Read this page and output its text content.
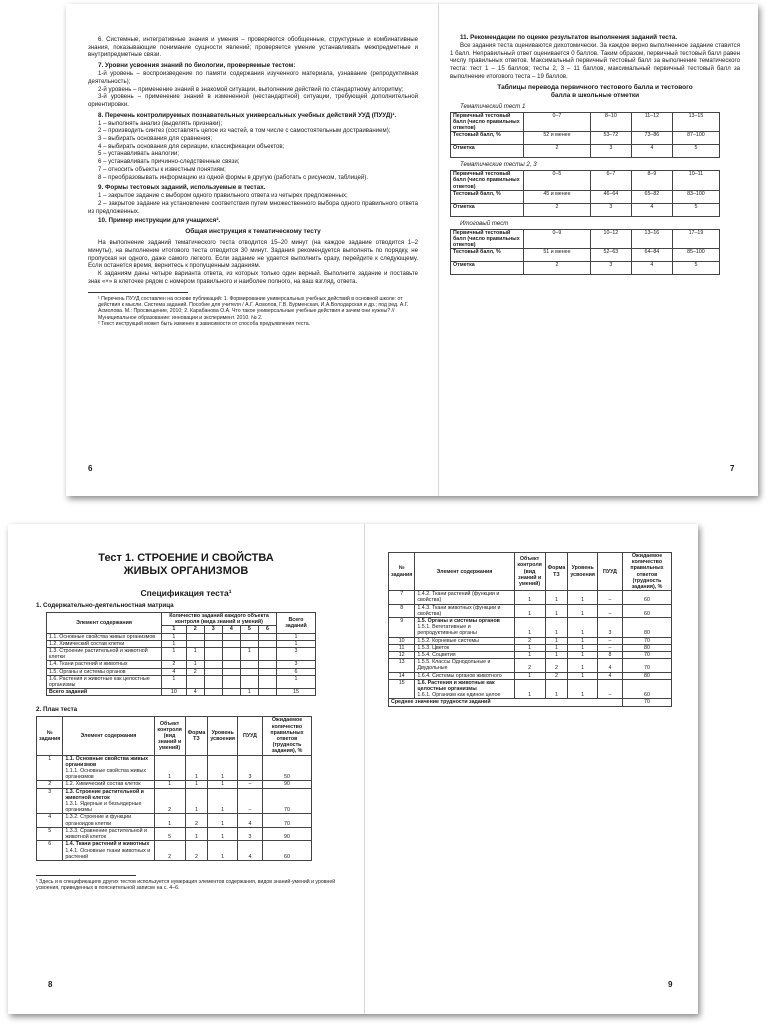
6. Системные, интегративные знания и умения – проверяются обобщенные, структурные и комбинативные знания, показывающие понимание сущности явлений; проверяется умение устанавливать межпредметные и внутрипредметные связи.

7. Уровни усвоения знаний по биологии, проверяемые тестом:

1-й уровень – воспроизведение по памяти содержания изученного материала, узнавание (репродуктивная деятельность);

2-й уровень – применение знаний в знакомой ситуации, выполнение действий по стандартному алгоритму;

3-й уровень – применение знаний в измененной (нестандартной) ситуации, требующей дополнительной ориентировки.

8. Перечень контролируемых познавательных универсальных учебных действий УУД (ПУУД)¹.

1 – выполнять анализ (выделять признаки);

2 – производить синтез (составлять целое из частей, в том числе с самостоятельным достраиванием);

3 – выбирать основания для сравнения;

4 – выбирать основания для сериации, классификации объектов;

5 – устанавливать аналогии;

6 – устанавливать причинно-следственные связи;

7 – относить объекты к известным понятиям;

8 – преобразовывать информацию из одной формы в другую (работать с рисунком, таблицей).

9. Формы тестовых заданий, используемые в тестах.

1 – закрытое задание с выбором одного правильного ответа из четырех предложенных;

2 – закрытое задание на установление соответствия путем множественного выбора одного правильного ответа из предложенных.

10. Пример инструкции для учащихся².

Общая инструкция к тематическому тесту

На выполнение заданий тематического теста отводится 15–20 минут (на каждое задание отводится 1–2 минуты), на выполнение итогового теста отводится 30 минут. Задания рекомендуется выполнять по порядку, не пропуская ни одного, даже самого легкого. Если задание не удается выполнить сразу, перейдите к следующему. Если останется время, вернитесь к пропущенным заданиям.

К заданиям даны четыре варианта ответа, из которых только один верный. Выполните задание и поставьте знак «×» в клеточке рядом с номером правильного и наиболее полного, на ваш взгляд, ответа.

¹ Перечень ПУУД составлен на основе публикаций: 1. Формирование универсальных учебных действий в основной школе: от действия к мысли. Система заданий. Пособие для учителя / А.Г. Асмолов, Г.В. Бурменская, И.А.Володарская и др.; под ред. А.Г. Асмолова. М.: Просвещение, 2010; 2. Карабанова О.А. Что такое универсальные учебные действия и зачем они нужны? // Муниципальное образование: инновации и эксперимент. 2010. № 2.

² Текст инструкций может быть изменен в зависимости от способа предъявления теста.

6

11. Рекомендации по оценке результатов выполнения заданий теста.

Все задания теста оцениваются дихотомически. За каждое верно выполненное задание ставится 1 балл. Неправильный ответ оценивается 0 баллов. Таким образом, первичный тестовый балл равен числу правильных ответов. Максимальный первичный тестовый балл за выполнение тематического теста: тест 1 – 15 баллов; тесты 2, 3 – 11 баллов, максимальный первичный тестовый балл за выполнение итогового теста – 19 баллов.

Таблицы перевода первичного тестового балла и тестового балла в школьные отметки

Тематический тест 1

Первичный тестовый балл (число правильных ответов)	0–7	8–10	11–12	13–15
Тестовый балл, %	52 и менее	53–72	73–86	87–100
Отметка	2	3	4	5

Тематические тесты 2, 3

Первичный тестовый балл (число правильных ответов)	0–5	6–7	8–9	10–11
Тестовый балл, %	45 и менее	46–64	65–82	83–100
Отметка	2	3	4	5

Итоговый тест

Первичный тестовый балл (число правильных ответов)	0–9	10–12	13–16	17–19
Тестовый балл, %	51 и менее	52–63	64–84	85–100
Отметка	2	3	4	5
7

Тест 1. СТРОЕНИЕ И СВОЙСТВА ЖИВЫХ ОРГАНИЗМОВ

Спецификация теста¹

1. Содержательно-деятельностная матрица

Элемент содержания	Количество заданий каждого объекта контроля (вида знаний и умений)						Всего заданий
	1	2	3	4	5	6	
1.1. Основные свойства живых организмов	1						1
1.2. Химический состав клетки	1						1
1.3. Строение растительной и животной клетки	1	1			1		3
1.4. Ткани растений и животных	2	1					3
1.5. Органы и системы органов	4	2					6
1.6. Растения и животные как целостные организмы	1						1
Всего заданий	10	4			1		15

2. План теста

№ задания	Элемент содержания	Объект контроля (вид знаний и умений)	Форма ТЗ	Уровень усвоения	ПУУД	Ожидаемое количество правильных ответов (трудность задания), %
1	1.1. Основные свойства живых организмов
1.1.1. Основные свойства живых организмов	1	1	1	3	50
2	1.2. Химический состав клеток	1	1	1	–	90
3	1.3. Строение растительной и животной клеток
1.3.1. Ядерные и безъядерные организмы	2	1	1	–	70
4	1.3.2. Строение и функции органоидов клетки	1	2	1	4	70
5	1.3.3. Сравнение растительной и животной клеток	5	1	1	3	90
6	1.4. Ткани растений и животных
1.4.1. Основные ткани животных и растений	2	2	1	4	60

¹ Здесь и в спецификациях других тестов используется нумерация элементов содержания, видов знаний-умений и уровней усвоения, приведенных в пояснительной записке на с. 4–6.

8
№ задания	Элемент содержания	Объект контроля (вид знаний и умений)	Форма ТЗ	Уровень усвоения	ПУУД	Ожидаемое количество правильных ответов (трудность задания), %
7	1.4.2. Ткани растений (функции и свойства)	1	1	1	–	60
8	1.4.3. Ткани животных (функции и свойства)	1	1	1	–	60
9	1.5. Органы и системы органов
1.5.1. Вегетативные и репродуктивные органы	1	1	1	3	80
10	1.5.2. Корневые системы	2	1	1	–	70
11	1.5.3. Цветок	1	1	1	–	80
12	1.5.4. Соцветия	1	1	1	8	70
13	1.5.5. Классы Однодольные и Двудольные	2	2	1	4	70
14	1.6.4. Системы органов животного	1	2	1	4	80
15	1.6. Растения и животные как целостные организмы
1.6.1. Организм как единое целое	1	1	1	–	60
Среднее значение трудности заданий						70
9
